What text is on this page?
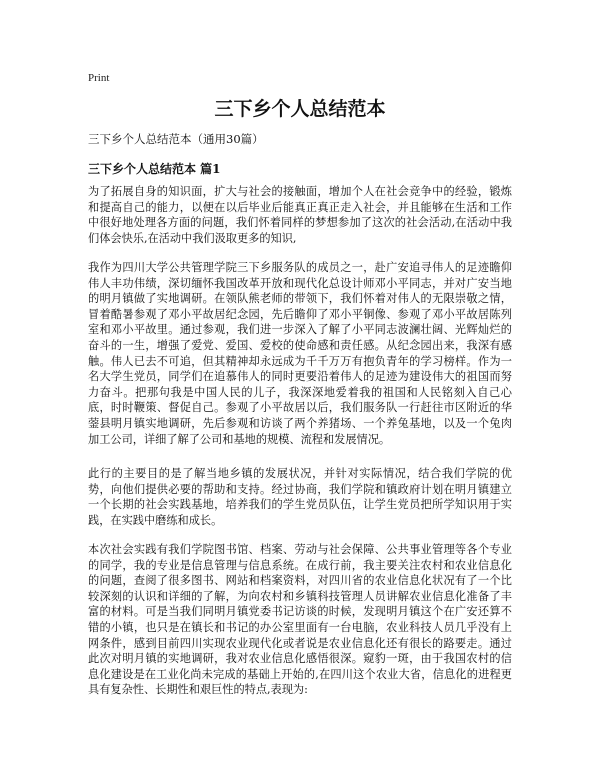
Print
三下乡个人总结范本

三下乡个人总结范本（通用30篇）

三下乡个人总结范本 篇1

为了拓展自身的知识面，扩大与社会的接触面，增加个人在社会竞争中的经验，锻炼和提高自己的能力，以便在以后毕业后能真正真正走入社会，并且能够在生活和工作中很好地处理各方面的问题，我们怀着同样的梦想参加了这次的社会活动,在活动中我们体会快乐,在活动中我们汲取更多的知识,

我作为四川大学公共管理学院三下乡服务队的成员之一，赴广安追寻伟人的足迹瞻仰伟人丰功伟绩，深切缅怀我国改革开放和现代化总设计师邓小平同志，并对广安当地的明月镇做了实地调研。在领队熊老师的带领下，我们怀着对伟人的无限崇敬之情，冒着酷暑参观了邓小平故居纪念园，先后瞻仰了邓小平铜像、参观了邓小平故居陈列室和邓小平故里。通过参观，我们进一步深入了解了小平同志波澜壮阔、光辉灿烂的奋斗的一生，增强了爱党、爱国、爱校的使命感和责任感。从纪念园出来，我深有感触。伟人已去不可追，但其精神却永远成为千千万万有抱负青年的学习榜样。作为一名大学生党员，同学们在追慕伟人的同时更要沿着伟人的足迹为建设伟大的祖国而努力奋斗。把那句我是中国人民的儿子，我深深地爱着我的祖国和人民铭刻入自己心底，时时鞭策、督促自己。参观了小平故居以后，我们服务队一行赶往市区附近的华蓥县明月镇实地调研，先后参观和访谈了两个养猪场、一个养兔基地，以及一个兔肉加工公司，详细了解了公司和基地的规模、流程和发展情况。

此行的主要目的是了解当地乡镇的发展状况，并针对实际情况，结合我们学院的优势，向他们提供必要的帮助和支持。经过协商，我们学院和镇政府计划在明月镇建立一个长期的社会实践基地，培养我们的学生党员队伍，让学生党员把所学知识用于实践，在实践中磨练和成长。

本次社会实践有我们学院图书馆、档案、劳动与社会保障、公共事业管理等各个专业的同学，我的专业是信息管理与信息系统。在成行前，我主要关注农村和农业信息化的问题，查阅了很多图书、网站和档案资料，对四川省的农业信息化状况有了一个比较深刻的认识和详细的了解，为向农村和乡镇科技管理人员讲解农业信息化准备了丰富的材料。可是当我们同明月镇党委书记访谈的时候，发现明月镇这个在广安还算不错的小镇，也只是在镇长和书记的办公室里面有一台电脑，农业科技人员几乎没有上网条件，感到目前四川实现农业现代化或者说是农业信息化还有很长的路要走。通过此次对明月镇的实地调研，我对农业信息化感悟很深。窥豹一斑，由于我国农村的信息化建设是在工业化尚未完成的基础上开始的,在四川这个农业大省，信息化的进程更具有复杂性、长期性和艰巨性的特点,表现为:
